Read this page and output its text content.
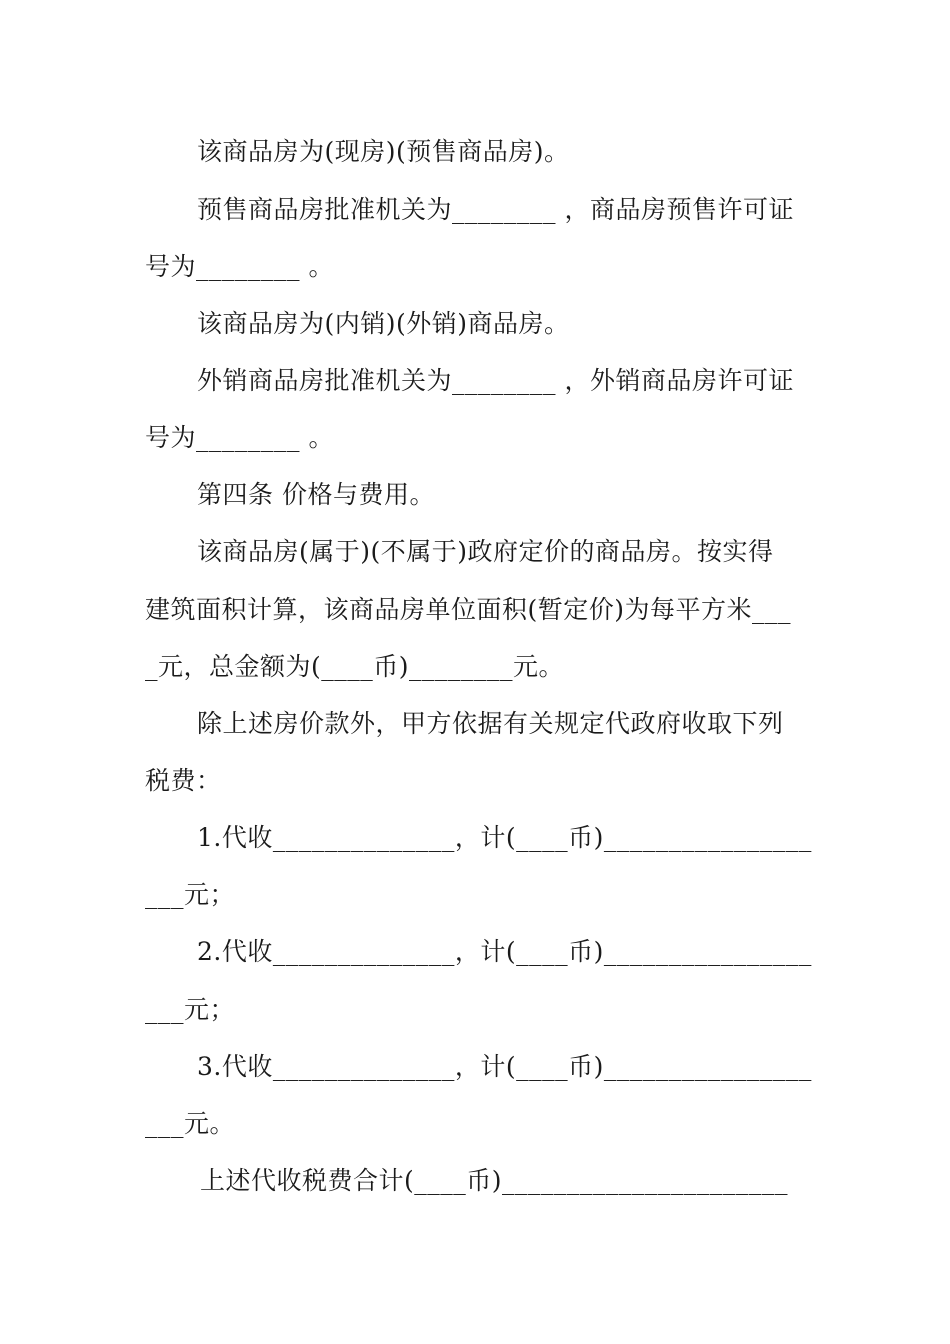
该商品房为(现房)(预售商品房)。
预售商品房批准机关为________ ，商品房预售许可证
号为________ 。
该商品房为(内销)(外销)商品房。
外销商品房批准机关为________ ，外销商品房许可证
号为________ 。
第四条 价格与费用。
该商品房(属于)(不属于)政府定价的商品房。按实得
建筑面积计算，该商品房单位面积(暂定价)为每平方米___
_元，总金额为(____币)________元。
除上述房价款外，甲方依据有关规定代政府收取下列
税费：
1.代收______________，计(____币)________________
___元；
2.代收______________，计(____币)________________
___元；
3.代收______________，计(____币)________________
___元。
上述代收税费合计(____币)______________________
